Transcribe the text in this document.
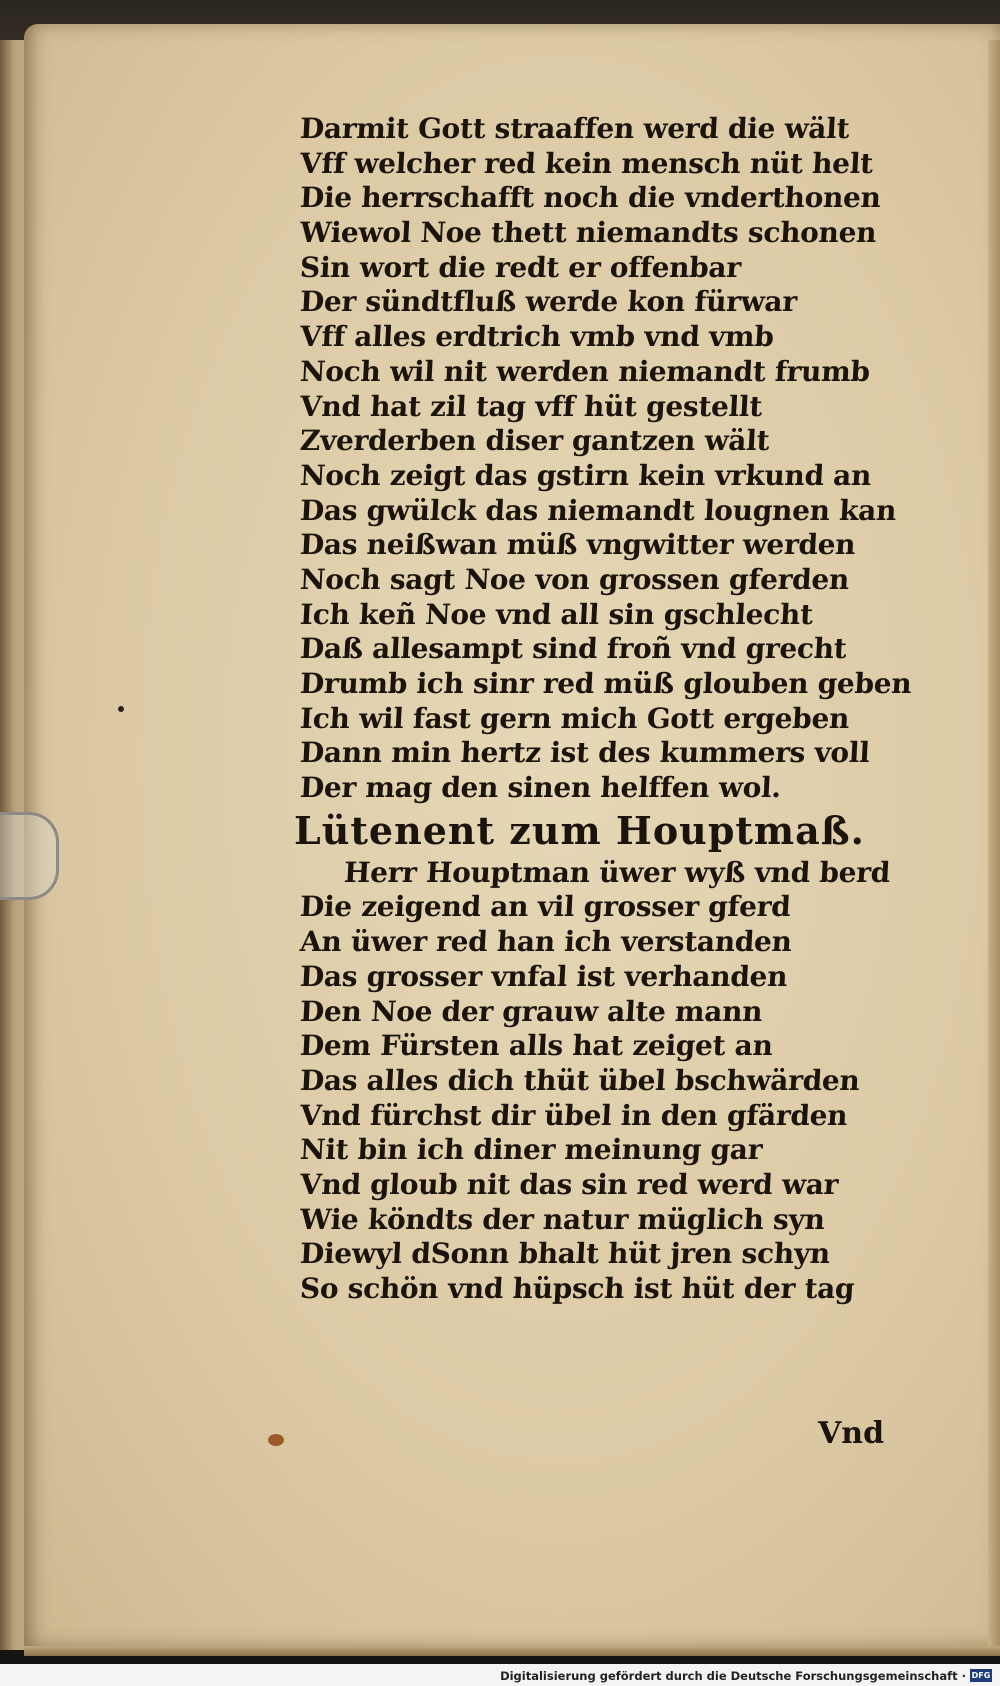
Darmit Gott straaffen werd die wält
Vff welcher red kein mensch nüt helt
Die herrschafft noch die vnderthonen
Wiewol Noe thett niemandts schonen
Sin wort die redt er offenbar
Der sündtfluß werde kon fürwar
Vff alles erdtrich vmb vnd vmb
Noch wil nit werden niemandt frumb
Vnd hat zil tag vff hüt gestellt
Zverderben diser gantzen wält
Noch zeigt das gstirn kein vrkund an
Das gwülck das niemandt lougnen kan
Das neißwan müß vngwitter werden
Noch sagt Noe von grossen gferden
Ich keñ Noe vnd all sin gschlecht
Daß allesampt sind froñ vnd grecht
Drumb ich sinr red müß glouben geben
Ich wil fast gern mich Gott ergeben
Dann min hertz ist des kummers voll
Der mag den sinen helffen wol.
Lütenent zum Houptmaß.
Herr Houptman üwer wyß vnd berd
Die zeigend an vil grosser gferd
An üwer red han ich verstanden
Das grosser vnfal ist verhanden
Den Noe der grauw alte mann
Dem Fürsten alls hat zeiget an
Das alles dich thüt übel bschwärden
Vnd fürchst dir übel in den gfärden
Nit bin ich diner meinung gar
Vnd gloub nit das sin red werd war
Wie köndts der natur müglich syn
Diewyl dSonn bhalt hüt jren schyn
So schön vnd hüpsch ist hüt der tag
Vnd
Digitalisierung gefördert durch die Deutsche Forschungsgemeinschaft · DFG
